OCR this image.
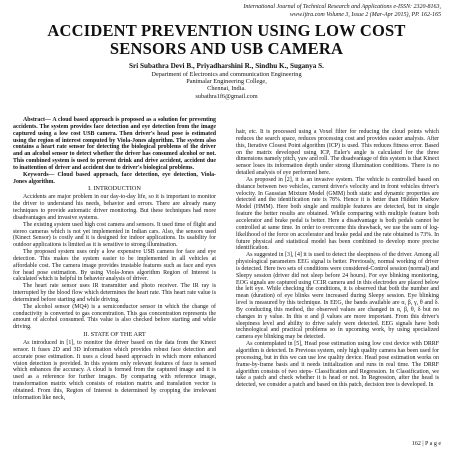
International Journal of Technical Research and Applications e-ISSN: 2320-8163,
www.ijtra.com Volume 3, Issue 2 (Mar-Apr 2015), PP. 162-165
ACCIDENT PREVENTION USING LOW COST
SENSORS AND USB CAMERA
Sri Subathra Devi B., Priyadharshini R., Sindhu K., Suganya S.
Department of Electronics and communication Engineering
Panimalar Engineering College,
Chennai, India.
subathra1f6@gmail.com

Abstract— A cloud based approach is proposed as a solution for preventing accidents. The system provides face detection and eye detection from the image captured using a low cost USB camera. Then driver's head pose is estimated using the region of interest computed by Viola-Jones algorithm. The system also contains a heart rate sensor for detecting the biological problems of the driver and an alcohol sensor to detect whether the driver has consumed alcohol or not. This combined system is used to prevent drink and drive accident, accident due to inattention of driver and accident due to driver's biological problems.

Keywords— Cloud based approach, face detection, eye detection, Viola-Jones algorithm.

I. INTRODUCTION

Accidents are major problem in our day-to-day life, so it is important to monitor the driver to understand his needs, behavior and errors. There are already many techniques to provide automatic driver monitoring. But these techniques had more disadvantages and invasive systems.

The existing system used high cost camera and sensors. It used time of flight and stereo cameras which is not yet implemented in Indian cars. Also, the sensors used (Kinect Sensor) is costly and it is designed for indoor applications. Its usability for outdoor applications is limited as it is sensitive to strong illumination.

The proposed system uses only a low expensive USB camera for face and eye detection. This makes the system easier to be implemented in all vehicles at affordable cost. The camera image provides trustable features such as face and eyes for head pose estimation. By using Viola-Jones algorithm Region of Interest is calculated which is helpful in behavior analysis of driver.

The heart rate sensor uses IR transmitter and photo receiver. The IR ray is interrupted by the blood flow which determines the heart rate. This heart rate value is determined before starting and while driving.

The alcohol sensor (MQ4) is a semiconductor sensor in which the change of conductivity is converted to gas concentration. This gas concentration represents the amount of alcohol consumed. This value is also checked before starting and while driving.

II. STATE OF THE ART

As introduced in [1], to monitor the driver based on the data from the Kinect sensor. It fuses 2D and 3D information which provides robust face detection and accurate pose estimation. It uses a cloud based approach in which more enhanced vision detection is provided. In this system only relevant features of face is sensed which enhances the accuracy. A cloud is formed from the captured image and it is used as a reference for further images. By comparing with reference image, transformation matrix which consists of rotation matrix and translation vector is obtained. From this, Region of Interest is determined by cropping the irrelevant information like neck,

hair, etc. It is processed using a Voxel filter for reducing the cloud points which reduces the search space, reduces processing cost and provides easier analysis. After this, Iterative Closest Point algorithm (ICP) is used. This reduces fitness error. Based on the matrix developed using ICP, Euler's angle is calculated for the three dimensions namely pitch, yaw and roll. The disadvantage of this system is that Kinect sensor loses its information depth under strong illumination conditions. There is no detailed analysis of eye performed here.

As proposed in [2], it is an invasive system. The vehicle is controlled based on distance between two vehicles, current driver's velocity and in front vehicles driver's velocity. In Gaussian Mixture Model (GMM) both static and dynamic properties are detected and the identification rate is 78%. Hence it is better than Hidden Markov Model (HMM). Here both single and multiple features are detected, but in single feature the better results are obtained. While comparing with multiple feature both accelerator and brake pedal is better. Here a disadvantage is both pedals cannot be controlled at same time. In order to overcome this drawback, we use the sum of log-likelihood of the force on accelerator and brake pedal and the rate obtained is 73%. In future physical and statistical model has been combined to develop more precise identification.

As suggested in [3], [4] it is used to detect the sleepiness of the driver. Among all physiological parameters EEG signal is better. Previously, normal working of driver is detected. Here two sets of conditions were considered-Control session (normal) and Sleepy session (driver did not sleep before 24 hours). For eye blinking monitoring, EOG signals are captured using CCIR camera and in this electrodes are placed below the left eye. While checking the conditions, it is observed that both the number and mean (duration) of eye blinks were increased during Sleepy session. Eye blinking level is measured by this technique. In EEG, the bands available are α, β, γ, θ and δ. By conducting this method, the observed values are changed in α, β, θ, δ but no changes in γ value. In this α and β values are more important. From this driver's sleepiness level and ability to drive safely were detected. EEG signals have both technological and practical problems so in upcoming work, by using specialized camera eye blinking may be detected.

As contemplated in [5], Head pose estimation using low cost device with DRRF algorithm is detected. In Previous system, only high quality camera has been used for processing, but in this we can use low quality device. Head pose estimation works on frame-by-frame basis and it needs initialization and runs in real time. The DRRF algorithm consists of two steps- Classification and Regression. In Classification, we take a patch and check whether it is head or not. In Regression, after the head is detected, we consider a patch and based on this patch, decision tree is developed. In

162 | P a g e
